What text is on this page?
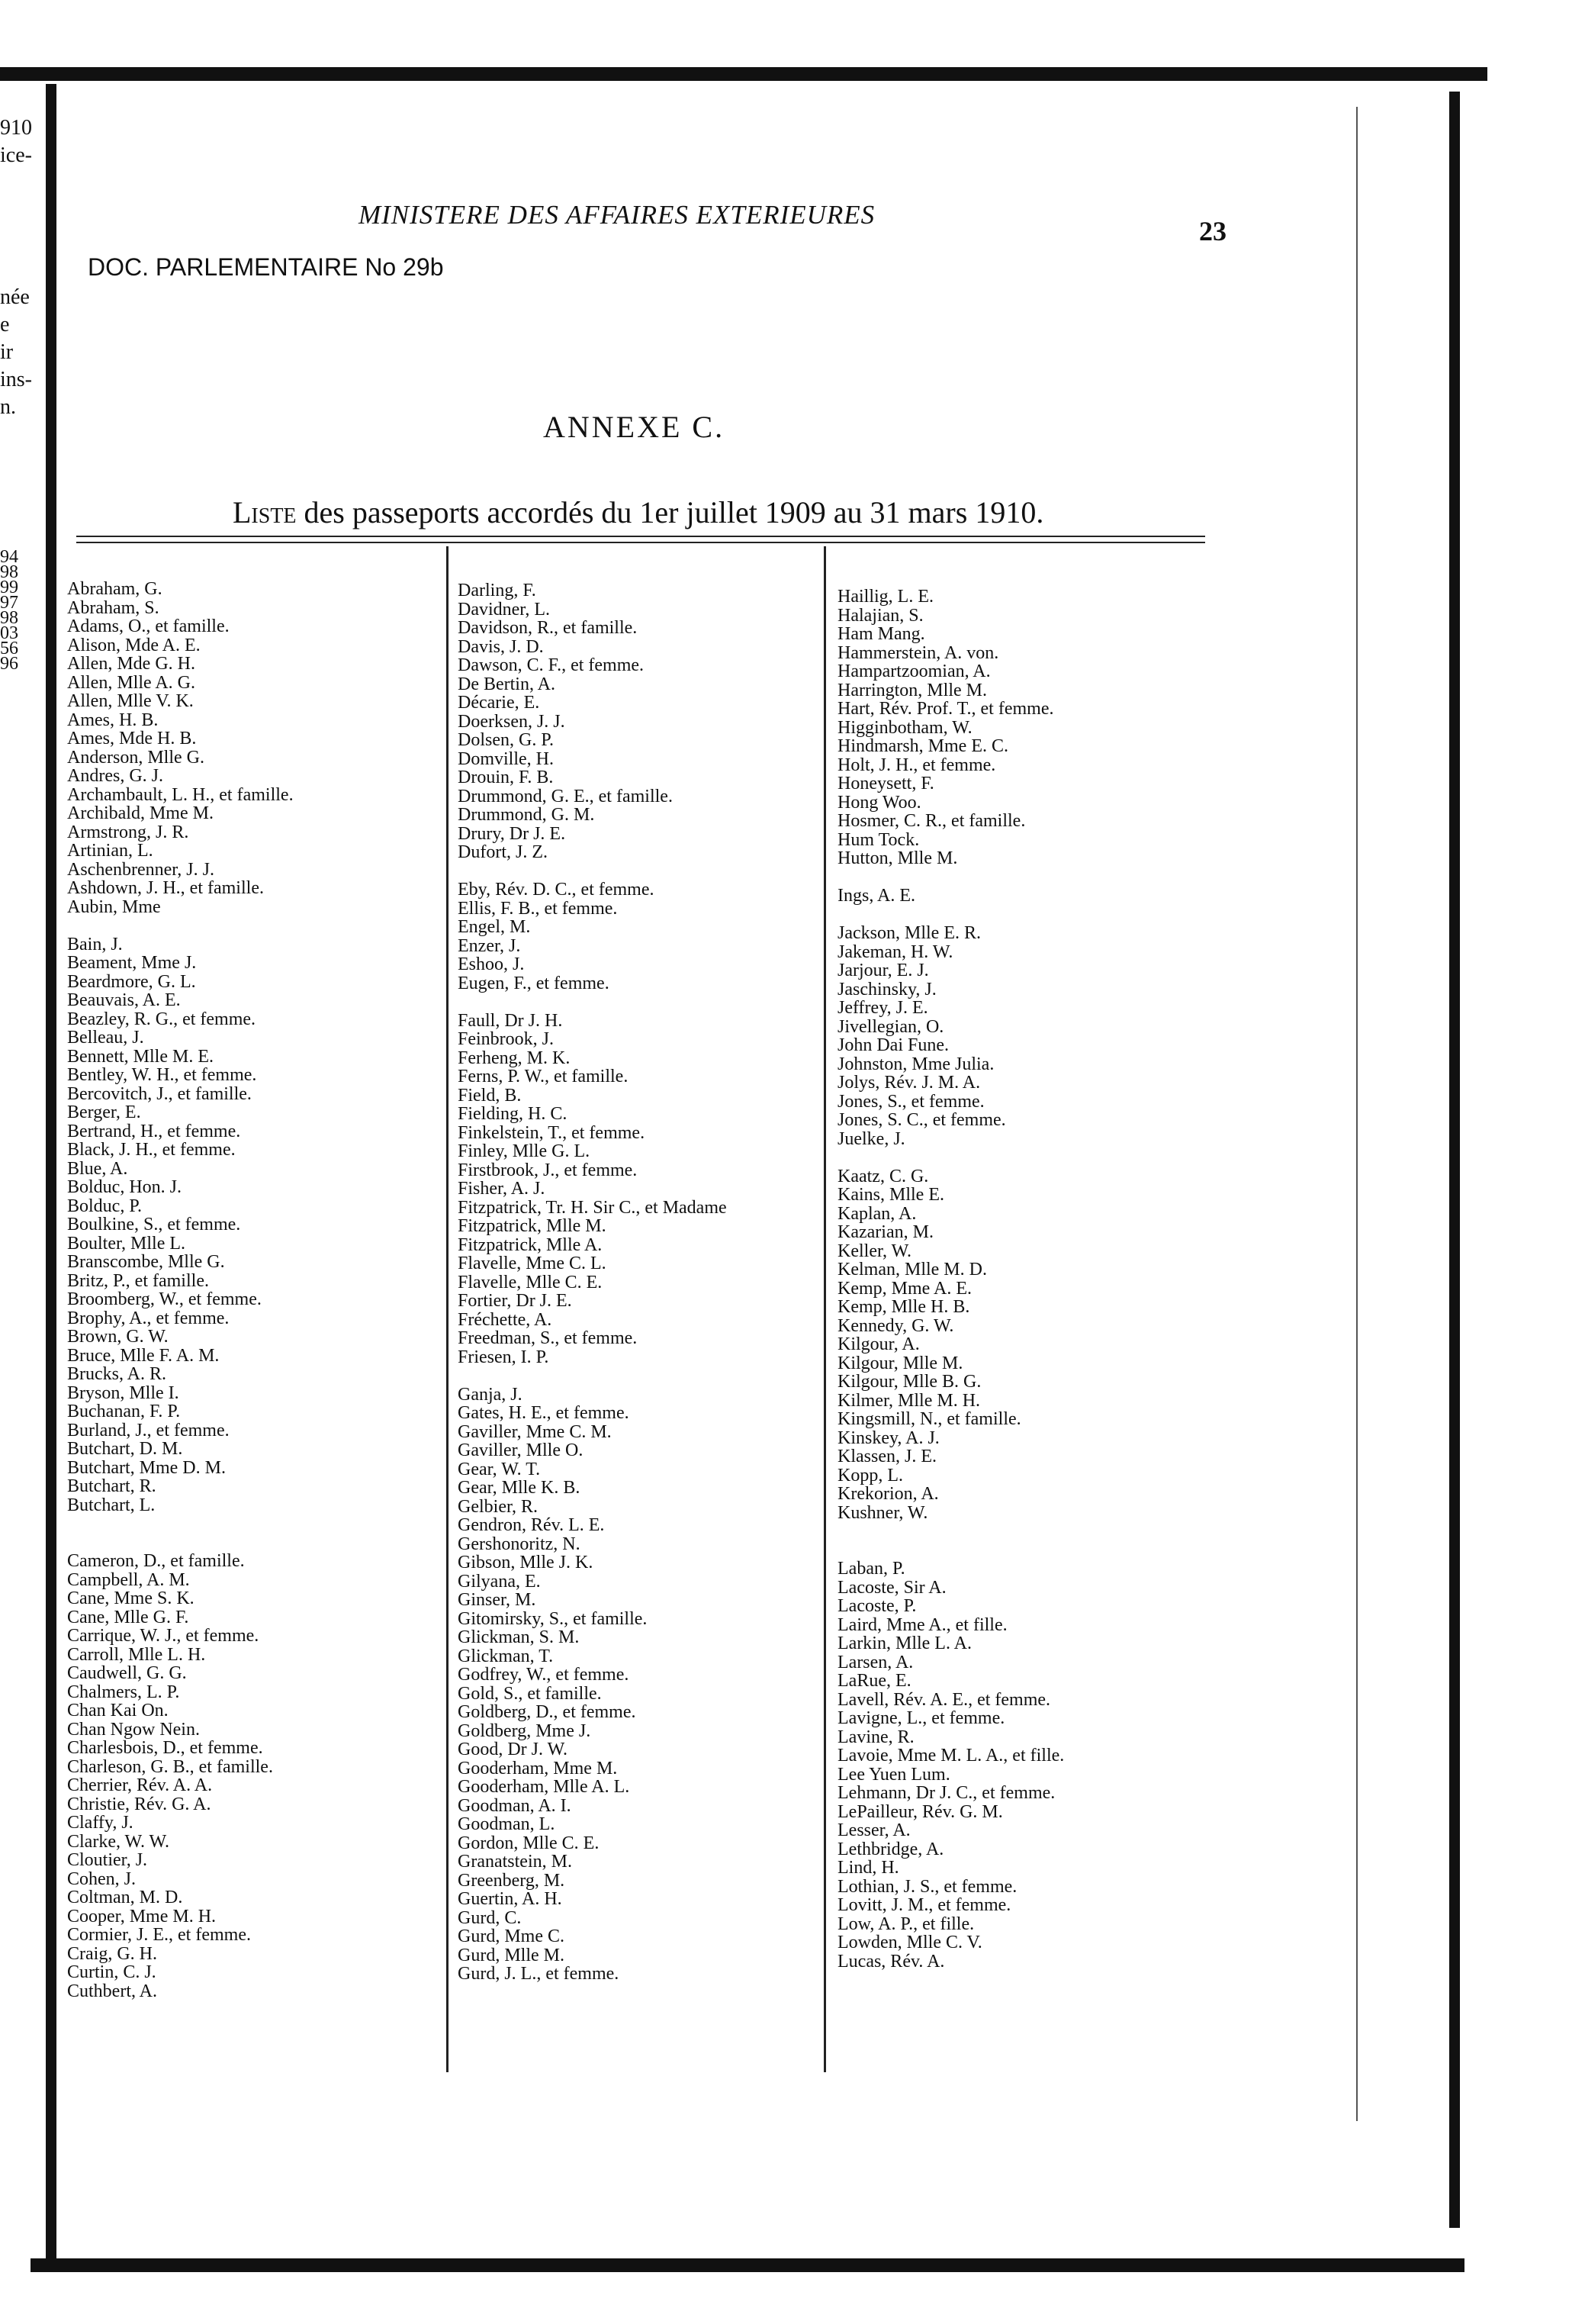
910
ice-
née
e
ir
ins-
n.
94
98
99
97
98
03
56
96
MINISTERE DES AFFAIRES EXTERIEURES
23
DOC. PARLEMENTAIRE No 29b
ANNEXE C.
Liste des passeports accordés du 1er juillet 1909 au 31 mars 1910.
Abraham, G.
Abraham, S.
Adams, O., et famille.
Alison, Mde A. E.
Allen, Mde G. H.
Allen, Mlle A. G.
Allen, Mlle V. K.
Ames, H. B.
Ames, Mde H. B.
Anderson, Mlle G.
Andres, G. J.
Archambault, L. H., et famille.
Archibald, Mme M.
Armstrong, J. R.
Artinian, L.
Aschenbrenner, J. J.
Ashdown, J. H., et famille.
Aubin, Mme
Bain, J.
Beament, Mme J.
Beardmore, G. L.
Beauvais, A. E.
Beazley, R. G., et femme.
Belleau, J.
Bennett, Mlle M. E.
Bentley, W. H., et femme.
Bercovitch, J., et famille.
Berger, E.
Bertrand, H., et femme.
Black, J. H., et femme.
Blue, A.
Bolduc, Hon. J.
Bolduc, P.
Boulkine, S., et femme.
Boulter, Mlle L.
Branscombe, Mlle G.
Britz, P., et famille.
Broomberg, W., et femme.
Brophy, A., et femme.
Brown, G. W.
Bruce, Mlle F. A. M.
Brucks, A. R.
Bryson, Mlle I.
Buchanan, F. P.
Burland, J., et femme.
Butchart, D. M.
Butchart, Mme D. M.
Butchart, R.
Butchart, L.
Cameron, D., et famille.
Campbell, A. M.
Cane, Mme S. K.
Cane, Mlle G. F.
Carrique, W. J., et femme.
Carroll, Mlle L. H.
Caudwell, G. G.
Chalmers, L. P.
Chan Kai On.
Chan Ngow Nein.
Charlesbois, D., et femme.
Charleson, G. B., et famille.
Cherrier, Rév. A. A.
Christie, Rév. G. A.
Claffy, J.
Clarke, W. W.
Cloutier, J.
Cohen, J.
Coltman, M. D.
Cooper, Mme M. H.
Cormier, J. E., et femme.
Craig, G. H.
Curtin, C. J.
Cuthbert, A.
Darling, F.
Davidner, L.
Davidson, R., et famille.
Davis, J. D.
Dawson, C. F., et femme.
De Bertin, A.
Décarie, E.
Doerksen, J. J.
Dolsen, G. P.
Domville, H.
Drouin, F. B.
Drummond, G. E., et famille.
Drummond, G. M.
Drury, Dr J. E.
Dufort, J. Z.
Eby, Rév. D. C., et femme.
Ellis, F. B., et femme.
Engel, M.
Enzer, J.
Eshoo, J.
Eugen, F., et femme.
Faull, Dr J. H.
Feinbrook, J.
Ferheng, M. K.
Ferns, P. W., et famille.
Field, B.
Fielding, H. C.
Finkelstein, T., et femme.
Finley, Mlle G. L.
Firstbrook, J., et femme.
Fisher, A. J.
Fitzpatrick, Tr. H. Sir C., et Madame
Fitzpatrick, Mlle M.
Fitzpatrick, Mlle A.
Flavelle, Mme C. L.
Flavelle, Mlle C. E.
Fortier, Dr J. E.
Fréchette, A.
Freedman, S., et femme.
Friesen, I. P.
Ganja, J.
Gates, H. E., et femme.
Gaviller, Mme C. M.
Gaviller, Mlle O.
Gear, W. T.
Gear, Mlle K. B.
Gelbier, R.
Gendron, Rév. L. E.
Gershonoritz, N.
Gibson, Mlle J. K.
Gilyana, E.
Ginser, M.
Gitomirsky, S., et famille.
Glickman, S. M.
Glickman, T.
Godfrey, W., et femme.
Gold, S., et famille.
Goldberg, D., et femme.
Goldberg, Mme J.
Good, Dr J. W.
Gooderham, Mme M.
Gooderham, Mlle A. L.
Goodman, A. I.
Goodman, L.
Gordon, Mlle C. E.
Granatstein, M.
Greenberg, M.
Guertin, A. H.
Gurd, C.
Gurd, Mme C.
Gurd, Mlle M.
Gurd, J. L., et femme.
Haillig, L. E.
Halajian, S.
Ham Mang.
Hammerstein, A. von.
Hampartzoomian, A.
Harrington, Mlle M.
Hart, Rév. Prof. T., et femme.
Higginbotham, W.
Hindmarsh, Mme E. C.
Holt, J. H., et femme.
Honeysett, F.
Hong Woo.
Hosmer, C. R., et famille.
Hum Tock.
Hutton, Mlle M.
Ings, A. E.
Jackson, Mlle E. R.
Jakeman, H. W.
Jarjour, E. J.
Jaschinsky, J.
Jeffrey, J. E.
Jivellegian, O.
John Dai Fune.
Johnston, Mme Julia.
Jolys, Rév. J. M. A.
Jones, S., et femme.
Jones, S. C., et femme.
Juelke, J.
Kaatz, C. G.
Kains, Mlle E.
Kaplan, A.
Kazarian, M.
Keller, W.
Kelman, Mlle M. D.
Kemp, Mme A. E.
Kemp, Mlle H. B.
Kennedy, G. W.
Kilgour, A.
Kilgour, Mlle M.
Kilgour, Mlle B. G.
Kilmer, Mlle M. H.
Kingsmill, N., et famille.
Kinskey, A. J.
Klassen, J. E.
Kopp, L.
Krekorion, A.
Kushner, W.
Laban, P.
Lacoste, Sir A.
Lacoste, P.
Laird, Mme A., et fille.
Larkin, Mlle L. A.
Larsen, A.
LaRue, E.
Lavell, Rév. A. E., et femme.
Lavigne, L., et femme.
Lavine, R.
Lavoie, Mme M. L. A., et fille.
Lee Yuen Lum.
Lehmann, Dr J. C., et femme.
LePailleur, Rév. G. M.
Lesser, A.
Lethbridge, A.
Lind, H.
Lothian, J. S., et femme.
Lovitt, J. M., et femme.
Low, A. P., et fille.
Lowden, Mlle C. V.
Lucas, Rév. A.
